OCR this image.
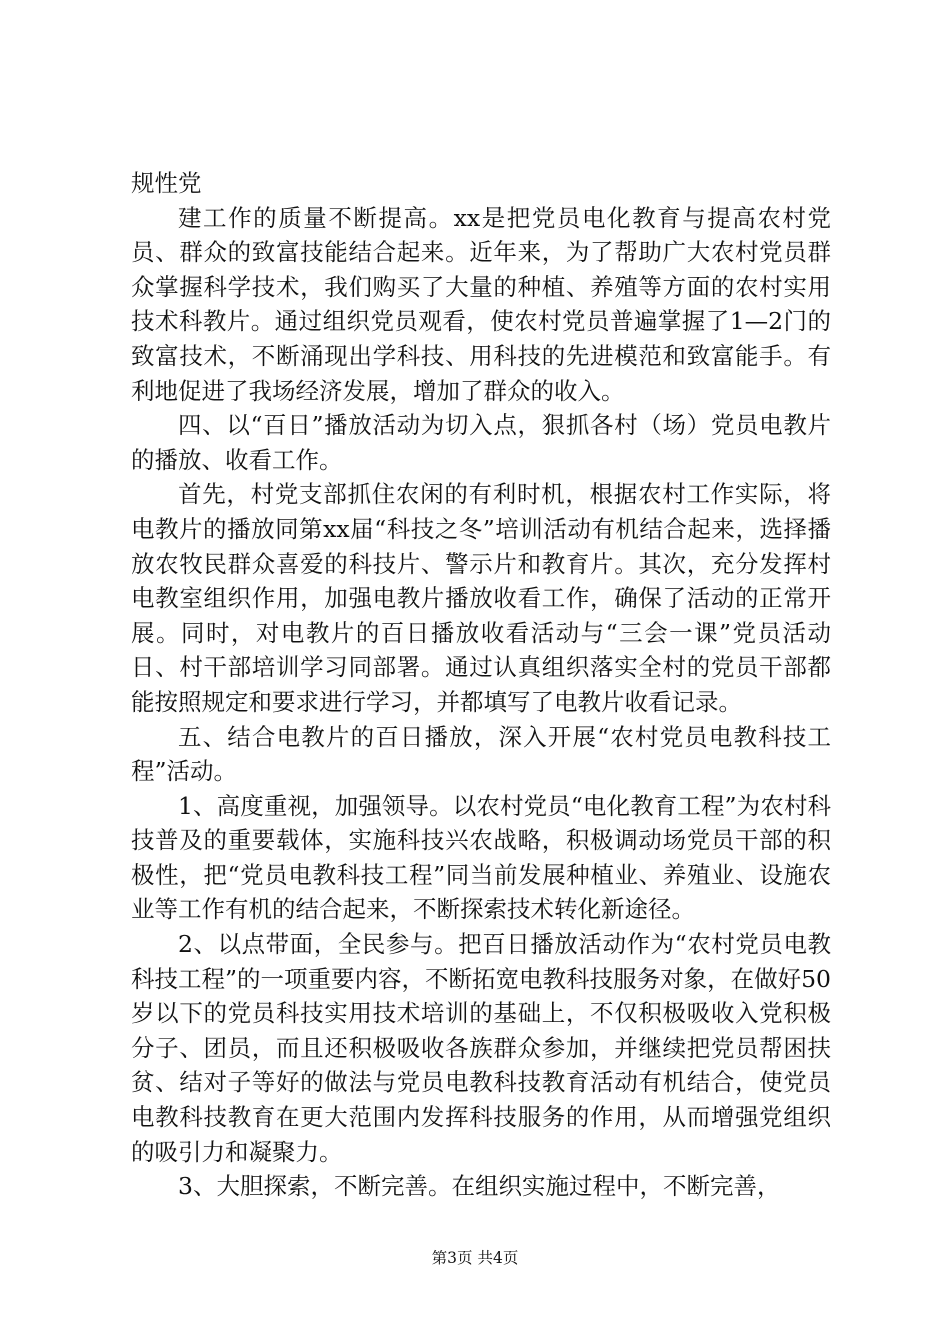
规性党

建工作的质量不断提高。xx是把党员电化教育与提高农村党员、群众的致富技能结合起来。近年来，为了帮助广大农村党员群众掌握科学技术，我们购买了大量的种植、养殖等方面的农村实用技术科教片。通过组织党员观看，使农村党员普遍掌握了1—2门的致富技术，不断涌现出学科技、用科技的先进模范和致富能手。有利地促进了我场经济发展，增加了群众的收入。

四、以“百日”播放活动为切入点，狠抓各村（场）党员电教片的播放、收看工作。

首先，村党支部抓住农闲的有利时机，根据农村工作实际，将电教片的播放同第xx届“科技之冬”培训活动有机结合起来，选择播放农牧民群众喜爱的科技片、警示片和教育片。其次，充分发挥村电教室组织作用，加强电教片播放收看工作，确保了活动的正常开展。同时，对电教片的百日播放收看活动与“三会一课”党员活动日、村干部培训学习同部署。通过认真组织落实全村的党员干部都能按照规定和要求进行学习，并都填写了电教片收看记录。

五、结合电教片的百日播放，深入开展“农村党员电教科技工程”活动。

1、高度重视，加强领导。以农村党员“电化教育工程”为农村科技普及的重要载体，实施科技兴农战略，积极调动场党员干部的积极性，把“党员电教科技工程”同当前发展种植业、养殖业、设施农业等工作有机的结合起来，不断探索技术转化新途径。

2、以点带面，全民参与。把百日播放活动作为“农村党员电教科技工程”的一项重要内容，不断拓宽电教科技服务对象，在做好50岁以下的党员科技实用技术培训的基础上，不仅积极吸收入党积极分子、团员，而且还积极吸收各族群众参加，并继续把党员帮困扶贫、结对子等好的做法与党员电教科技教育活动有机结合，使党员电教科技教育在更大范围内发挥科技服务的作用，从而增强党组织的吸引力和凝聚力。

3、大胆探索，不断完善。在组织实施过程中，不断完善，

第3页 共4页
